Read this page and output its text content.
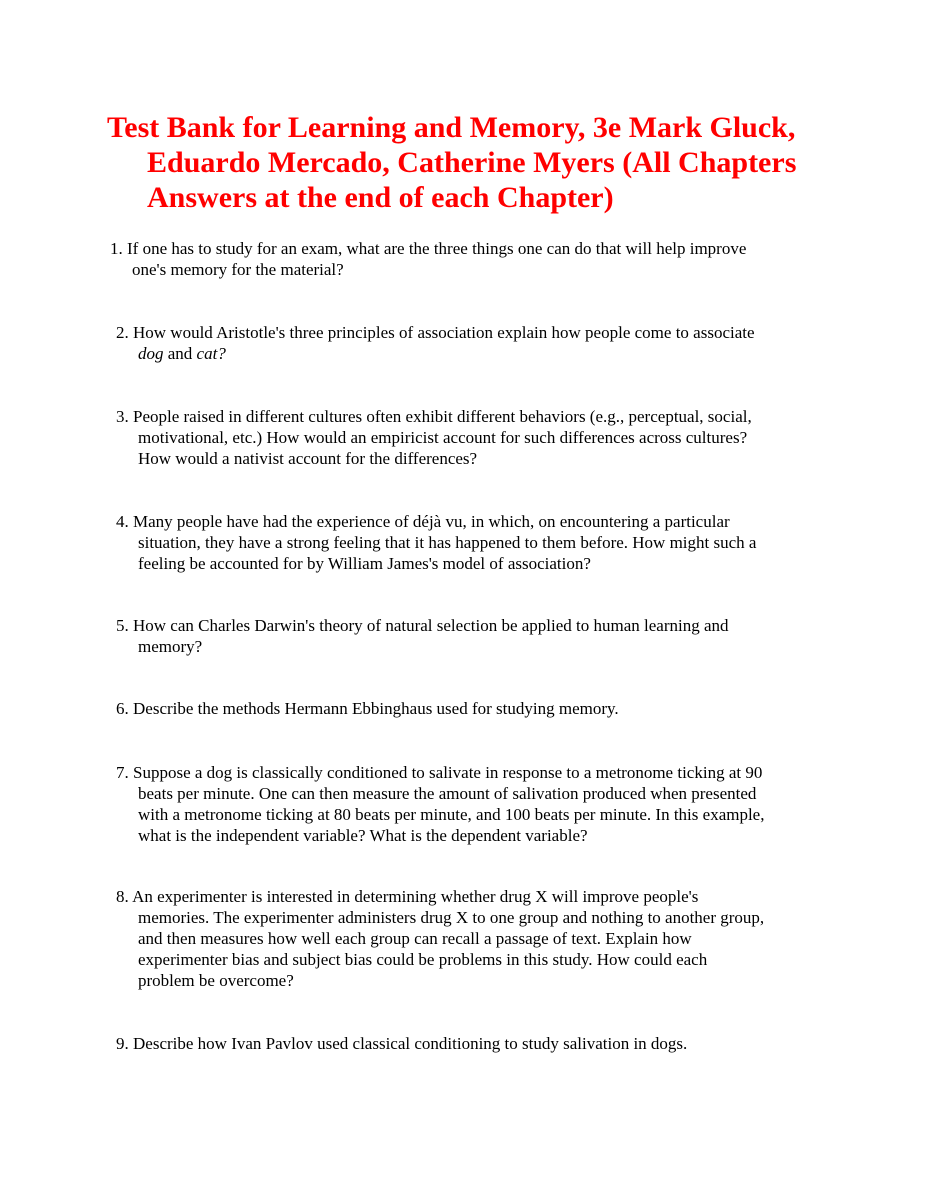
Test Bank for Learning and Memory, 3e Mark Gluck, Eduardo Mercado, Catherine Myers (All Chapters Answers at the end of each Chapter)
1. If one has to study for an exam, what are the three things one can do that will help improve
one's memory for the material?
2. How would Aristotle's three principles of association explain how people come to associate
dog and cat?
3. People raised in different cultures often exhibit different behaviors (e.g., perceptual, social,
motivational, etc.) How would an empiricist account for such differences across cultures?
How would a nativist account for the differences?
4. Many people have had the experience of déjà vu, in which, on encountering a particular
situation, they have a strong feeling that it has happened to them before. How might such a
feeling be accounted for by William James's model of association?
5. How can Charles Darwin's theory of natural selection be applied to human learning and
memory?
6. Describe the methods Hermann Ebbinghaus used for studying memory.
7. Suppose a dog is classically conditioned to salivate in response to a metronome ticking at 90
beats per minute. One can then measure the amount of salivation produced when presented
with a metronome ticking at 80 beats per minute, and 100 beats per minute. In this example,
what is the independent variable? What is the dependent variable?
8. An experimenter is interested in determining whether drug X will improve people's
memories. The experimenter administers drug X to one group and nothing to another group,
and then measures how well each group can recall a passage of text. Explain how
experimenter bias and subject bias could be problems in this study. How could each
problem be overcome?
9. Describe how Ivan Pavlov used classical conditioning to study salivation in dogs.
